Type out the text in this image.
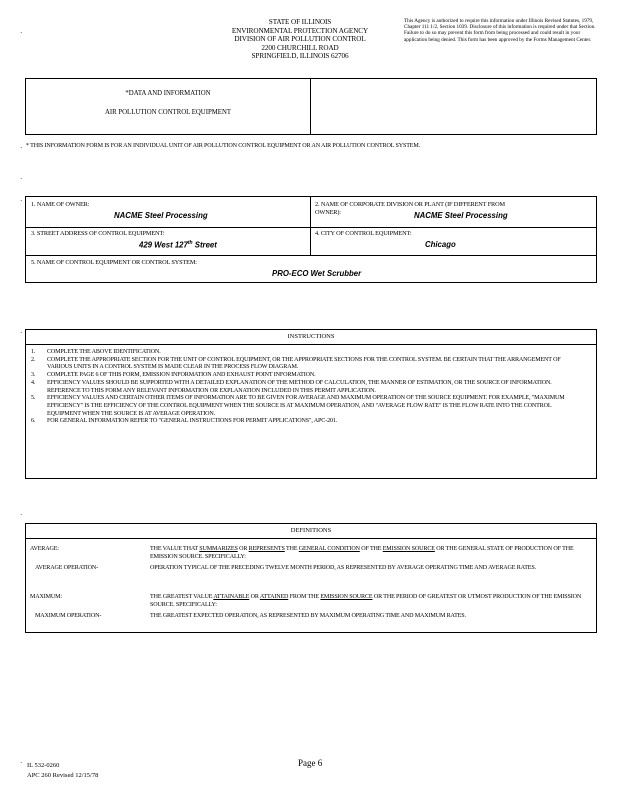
STATE OF ILLINOIS
ENVIRONMENTAL PROTECTION AGENCY
DIVISION OF AIR POLLUTION CONTROL
2200 CHURCHILL ROAD
SPRINGFIELD, ILLINOIS 62706
This Agency is authorized to require this information under Illinois Revised Statutes, 1979, Chapter 111 1/2, Section 1039. Disclosure of this information is required under that Section. Failure to do so may prevent this form from being processed and could result in your application being denied. This form has been approved by the Forms Management Center.
*DATA AND INFORMATION
AIR POLLUTION CONTROL EQUIPMENT
* THIS INFORMATION FORM IS FOR AN INDIVIDUAL UNIT OF AIR POLLUTION CONTROL EQUIPMENT OR AN AIR POLLUTION CONTROL SYSTEM.
1. NAME OF OWNER:
NACME Steel Processing
2. NAME OF CORPORATE DIVISION OR PLANT (IF DIFFERENT FROM
OWNER):	NACME Steel Processing
3. STREET ADDRESS OF CONTROL EQUIPMENT:
429 West 127th Street
4. CITY OF CONTROL EQUIPMENT:
Chicago
5. NAME OF CONTROL EQUIPMENT OR CONTROL SYSTEM:
PRO-ECO Wet Scrubber
INSTRUCTIONS
1. COMPLETE THE ABOVE IDENTIFICATION.
2. COMPLETE THE APPROPRIATE SECTION FOR THE UNIT OF CONTROL EQUIPMENT, OR THE APPROPRIATE SECTIONS FOR THE CONTROL SYSTEM. BE CERTAIN THAT THE ARRANGEMENT OF VARIOUS UNITS IN A CONTROL SYSTEM IS MADE CLEAR IN THE PROCESS FLOW DIAGRAM.
3. COMPLETE PAGE 6 OF THIS FORM, EMISSION INFORMATION AND EXHAUST POINT INFORMATION.
4. EFFICIENCY VALUES SHOULD BE SUPPORTED WITH A DETAILED EXPLANATION OF THE METHOD OF CALCULATION, THE MANNER OF ESTIMATION, OR THE SOURCE OF INFORMATION. REFERENCE TO THIS FORM ANY RELEVANT INFORMATION OR EXPLANATION INCLUDED IN THIS PERMIT APPLICATION.
5. EFFICIENCY VALUES AND CERTAIN OTHER ITEMS OF INFORMATION ARE TO BE GIVEN FOR AVERAGE AND MAXIMUM OPERATION OF THE SOURCE EQUIPMENT. FOR EXAMPLE, "MAXIMUM EFFICIENCY" IS THE EFFICIENCY OF THE CONTROL EQUIPMENT WHEN THE SOURCE IS AT MAXIMUM OPERATION, AND "AVERAGE FLOW RATE" IS THE FLOW RATE INTO THE CONTROL EQUIPMENT WHEN THE SOURCE IS AT AVERAGE OPERATION.
6. FOR GENERAL INFORMATION REFER TO "GENERAL INSTRUCTIONS FOR PERMIT APPLICATIONS", APC-201.
DEFINITIONS
AVERAGE:	THE VALUE THAT SUMMARIZES OR REPRESENTS THE GENERAL CONDITION OF THE EMISSION SOURCE OR THE GENERAL STATE OF PRODUCTION OF THE EMISSION SOURCE. SPECIFICALLY:
AVERAGE OPERATION-	OPERATION TYPICAL OF THE PRECEDING TWELVE MONTH PERIOD, AS REPRESENTED BY AVERAGE OPERATING TIME AND AVERAGE RATES.
MAXIMUM:	THE GREATEST VALUE ATTAINABLE OR ATTAINED FROM THE EMISSION SOURCE OR THE PERIOD OF GREATEST OR UTMOST PRODUCTION OF THE EMISSION SOURCE. SPECIFICALLY:
MAXIMUM OPERATION-	THE GREATEST EXPECTED OPERATION, AS REPRESENTED BY MAXIMUM OPERATING TIME AND MAXIMUM RATES.
IL 532-0260
APC 260 Revised 12/15/78
Page 6
·
·
·
·
·
·
·
